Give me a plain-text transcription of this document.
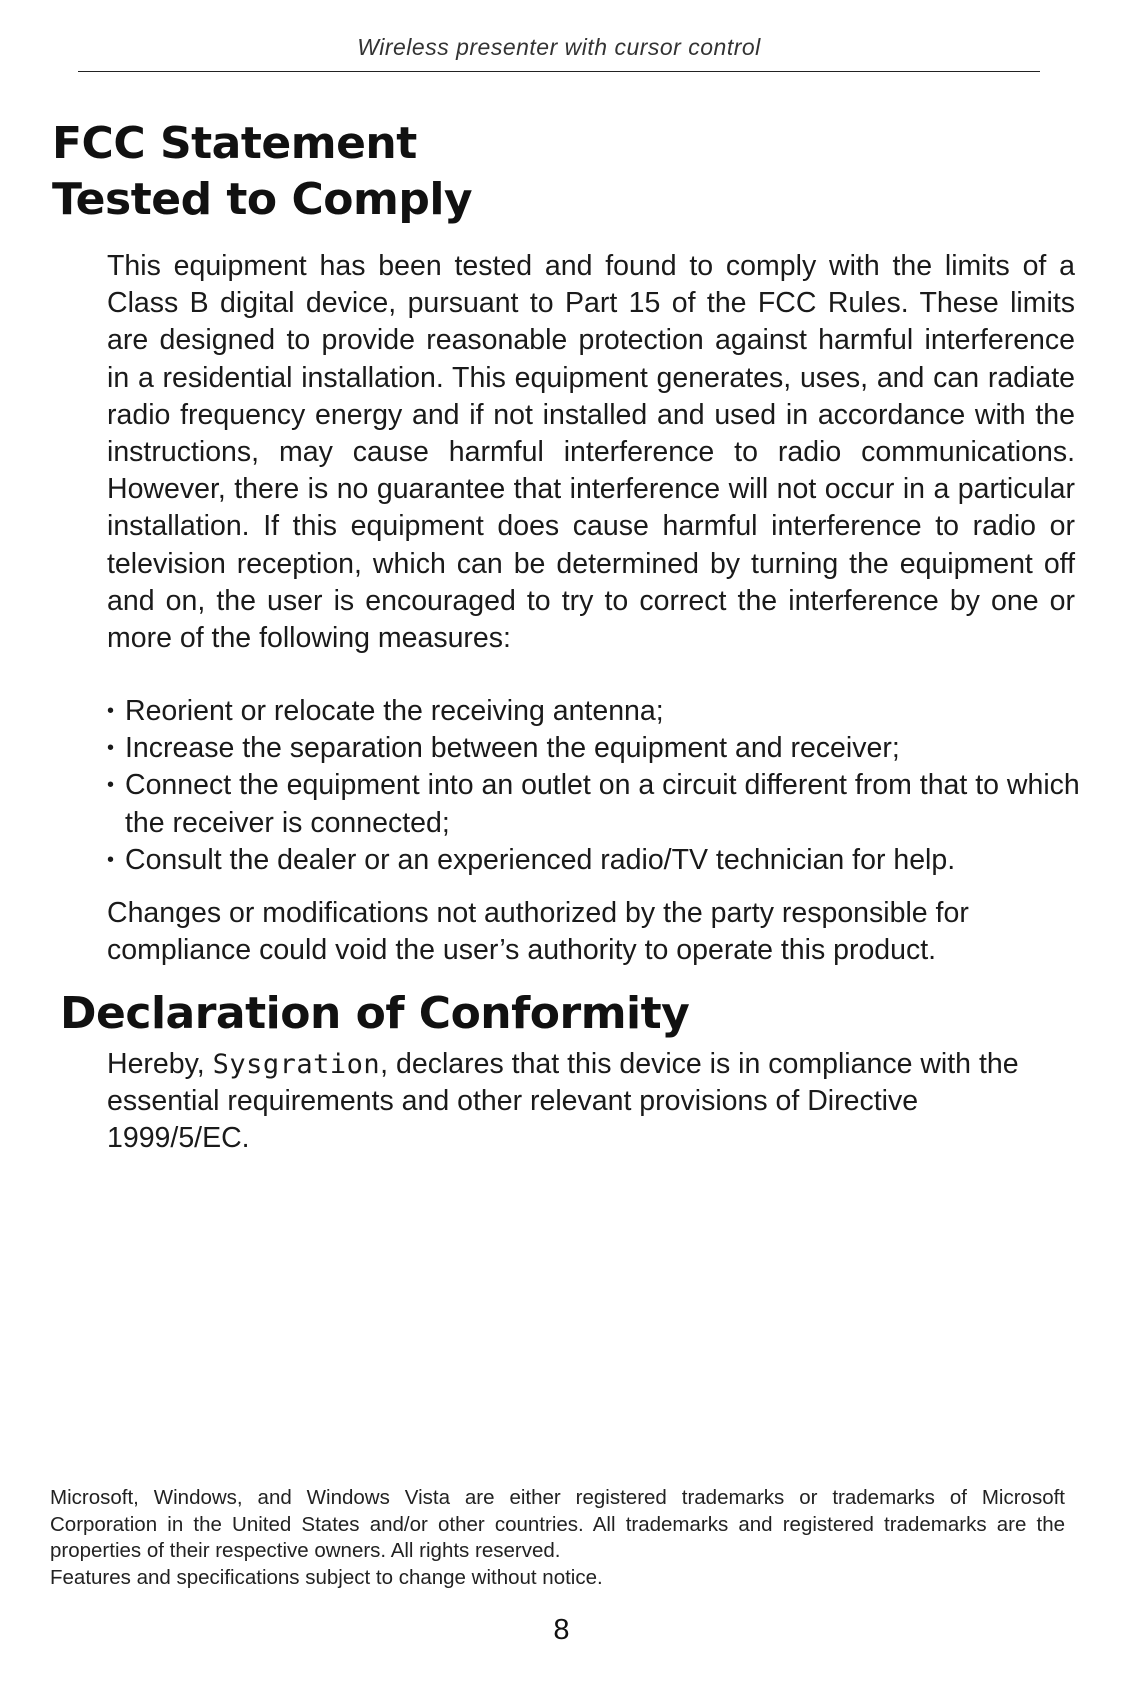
Wireless presenter with cursor control
FCC Statement
Tested to Comply

This equipment has been tested and found to comply with the limits of a Class B digital device, pursuant to Part 15 of the FCC Rules. These limits are designed to provide reasonable protection against harmful interference in a residential installation. This equipment generates, uses, and can radiate radio frequency energy and if not installed and used in accordance with the instructions, may cause harmful interference to radio communications. However, there is no guarantee that interference will not occur in a particular installation. If this equipment does cause harmful interference to radio or television reception, which can be determined by turning the equipment off and on, the user is encouraged to try to correct the interference by one or more of the following measures:

• Reorient or relocate the receiving antenna;
• Increase the separation between the equipment and receiver;
• Connect the equipment into an outlet on a circuit different from that to which the receiver is connected;
• Consult the dealer or an experienced radio/TV technician for help.

Changes or modifications not authorized by the party responsible for compliance could void the user’s authority to operate this product.

Declaration of Conformity

Hereby, Sysgration, declares that this device is in compliance with the essential requirements and other relevant provisions of Directive 1999/5/EC.

Microsoft, Windows, and Windows Vista are either registered trademarks or trademarks of Microsoft Corporation in the United States and/or other countries. All trademarks and registered trademarks are the properties of their respective owners. All rights reserved.

Features and specifications subject to change without notice.

8
